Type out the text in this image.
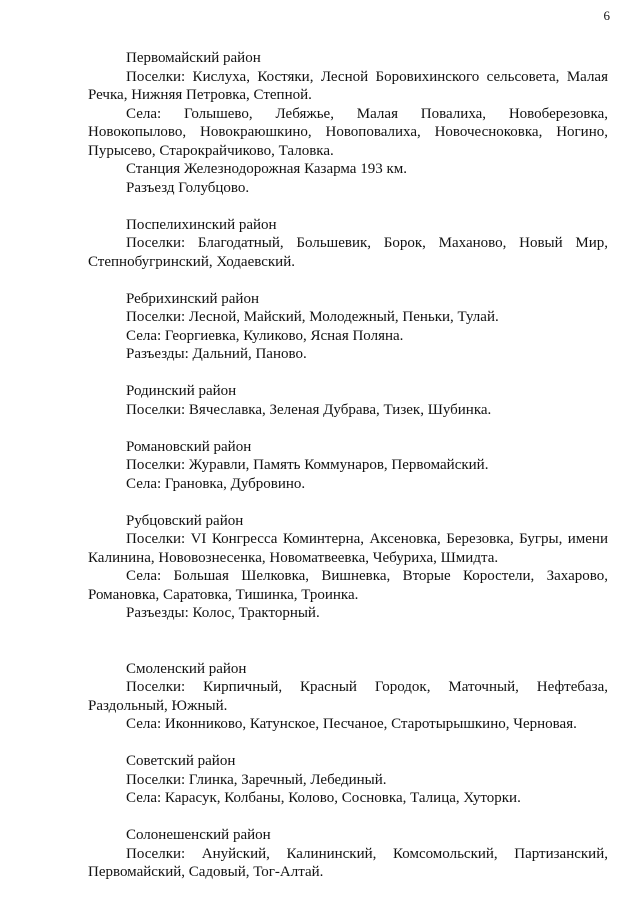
6
Первомайский район
Поселки: Кислуха, Костяки, Лесной Боровихинского сельсовета, Малая Речка, Нижняя Петровка, Степной.
Села: Голышево, Лебяжье, Малая Повалиха, Новоберезовка, Новокопылово, Новокраюшкино, Новоповалиха, Новочесноковка, Ногино, Пурысево, Старокрайчиково, Таловка.
Станция Железнодорожная Казарма 193 км.
Разъезд Голубцово.
Поспелихинский район
Поселки: Благодатный, Большевик, Борок, Маханово, Новый Мир, Степнобугринский, Ходаевский.
Ребрихинский район
Поселки: Лесной, Майский, Молодежный, Пеньки, Тулай.
Села: Георгиевка, Куликово, Ясная Поляна.
Разъезды: Дальний, Паново.
Родинский район
Поселки: Вячеславка, Зеленая Дубрава, Тизек, Шубинка.
Романовский район
Поселки: Журавли, Память Коммунаров, Первомайский.
Села: Грановка, Дубровино.
Рубцовский район
Поселки: VI Конгресса Коминтерна, Аксеновка, Березовка, Бугры, имени Калинина, Нововознесенка, Новоматвеевка, Чебуриха, Шмидта.
Села: Большая Шелковка, Вишневка, Вторые Коростели, Захарово, Романовка, Саратовка, Тишинка, Троинка.
Разъезды: Колос, Тракторный.
Смоленский район
Поселки: Кирпичный, Красный Городок, Маточный, Нефтебаза, Раздольный, Южный.
Села: Иконниково, Катунское, Песчаное, Старотырышкино, Черновая.
Советский район
Поселки: Глинка, Заречный, Лебединый.
Села: Карасук, Колбаны, Колово, Сосновка, Талица, Хуторки.
Солонешенский район
Поселки: Ануйский, Калининский, Комсомольский, Партизанский, Первомайский, Садовый, Тог-Алтай.
